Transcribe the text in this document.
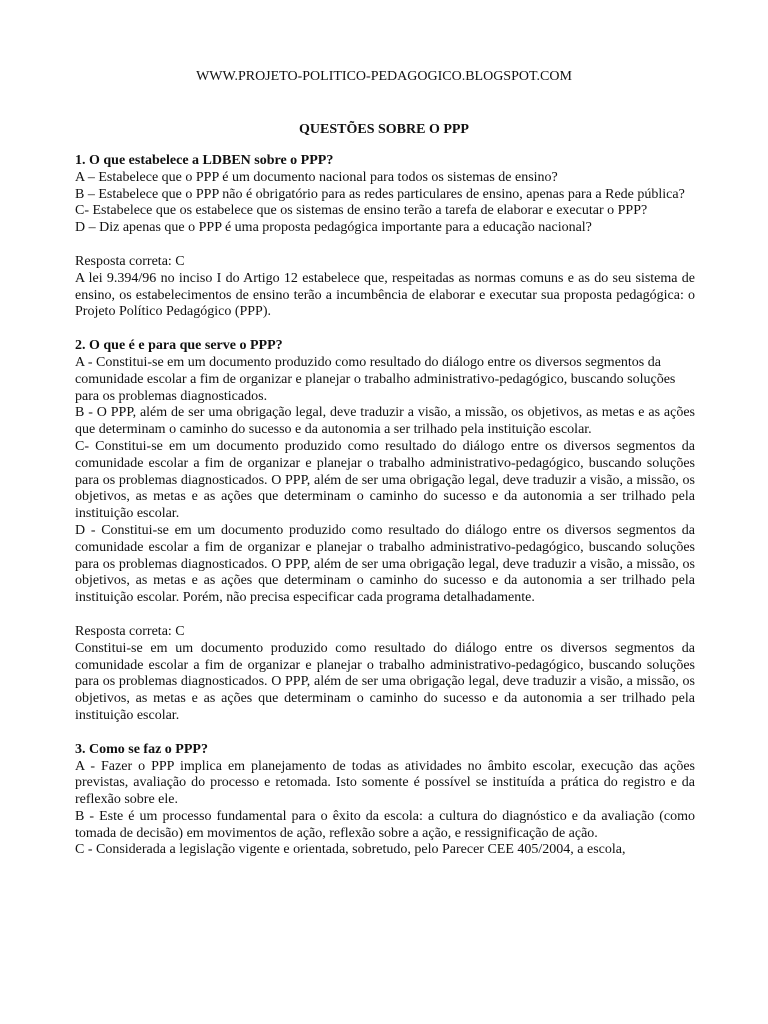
WWW.PROJETO-POLITICO-PEDAGOGICO.BLOGSPOT.COM
QUESTÕES SOBRE O PPP

1. O que estabelece a LDBEN sobre o PPP?

A – Estabelece que o PPP é um documento nacional para todos os sistemas de ensino?

B – Estabelece que o PPP não é obrigatório para as redes particulares de ensino, apenas para a Rede pública?

C- Estabelece que os estabelece que os sistemas de ensino terão a tarefa de elaborar e executar o PPP?

D – Diz apenas que o PPP é uma proposta pedagógica importante para a educação nacional?

Resposta correta: C

A lei 9.394/96 no inciso I do Artigo 12 estabelece que, respeitadas as normas comuns e as do seu sistema de ensino, os estabelecimentos de ensino terão a incumbência de elaborar e executar sua proposta pedagógica: o Projeto Político Pedagógico (PPP).

2. O que é e para que serve o PPP?

A - Constitui-se em um documento produzido como resultado do diálogo entre os diversos segmentos da comunidade escolar a fim de organizar e planejar o trabalho administrativo-pedagógico, buscando soluções para os problemas diagnosticados.

B - O PPP, além de ser uma obrigação legal, deve traduzir a visão, a missão, os objetivos, as metas e as ações que determinam o caminho do sucesso e da autonomia a ser trilhado pela instituição escolar.

C- Constitui-se em um documento produzido como resultado do diálogo entre os diversos segmentos da comunidade escolar a fim de organizar e planejar o trabalho administrativo-pedagógico, buscando soluções para os problemas diagnosticados. O PPP, além de ser uma obrigação legal, deve traduzir a visão, a missão, os objetivos, as metas e as ações que determinam o caminho do sucesso e da autonomia a ser trilhado pela instituição escolar.

D - Constitui-se em um documento produzido como resultado do diálogo entre os diversos segmentos da comunidade escolar a fim de organizar e planejar o trabalho administrativo-pedagógico, buscando soluções para os problemas diagnosticados. O PPP, além de ser uma obrigação legal, deve traduzir a visão, a missão, os objetivos, as metas e as ações que determinam o caminho do sucesso e da autonomia a ser trilhado pela instituição escolar. Porém, não precisa especificar cada programa detalhadamente.

Resposta correta: C

Constitui-se em um documento produzido como resultado do diálogo entre os diversos segmentos da comunidade escolar a fim de organizar e planejar o trabalho administrativo-pedagógico, buscando soluções para os problemas diagnosticados. O PPP, além de ser uma obrigação legal, deve traduzir a visão, a missão, os objetivos, as metas e as ações que determinam o caminho do sucesso e da autonomia a ser trilhado pela instituição escolar.

3. Como se faz o PPP?

A - Fazer o PPP implica em planejamento de todas as atividades no âmbito escolar, execução das ações previstas, avaliação do processo e retomada. Isto somente é possível se instituída a prática do registro e da reflexão sobre ele.

B - Este é um processo fundamental para o êxito da escola: a cultura do diagnóstico e da avaliação (como tomada de decisão) em movimentos de ação, reflexão sobre a ação, e ressignificação de ação.

C - Considerada a legislação vigente e orientada, sobretudo, pelo Parecer CEE 405/2004, a escola,
